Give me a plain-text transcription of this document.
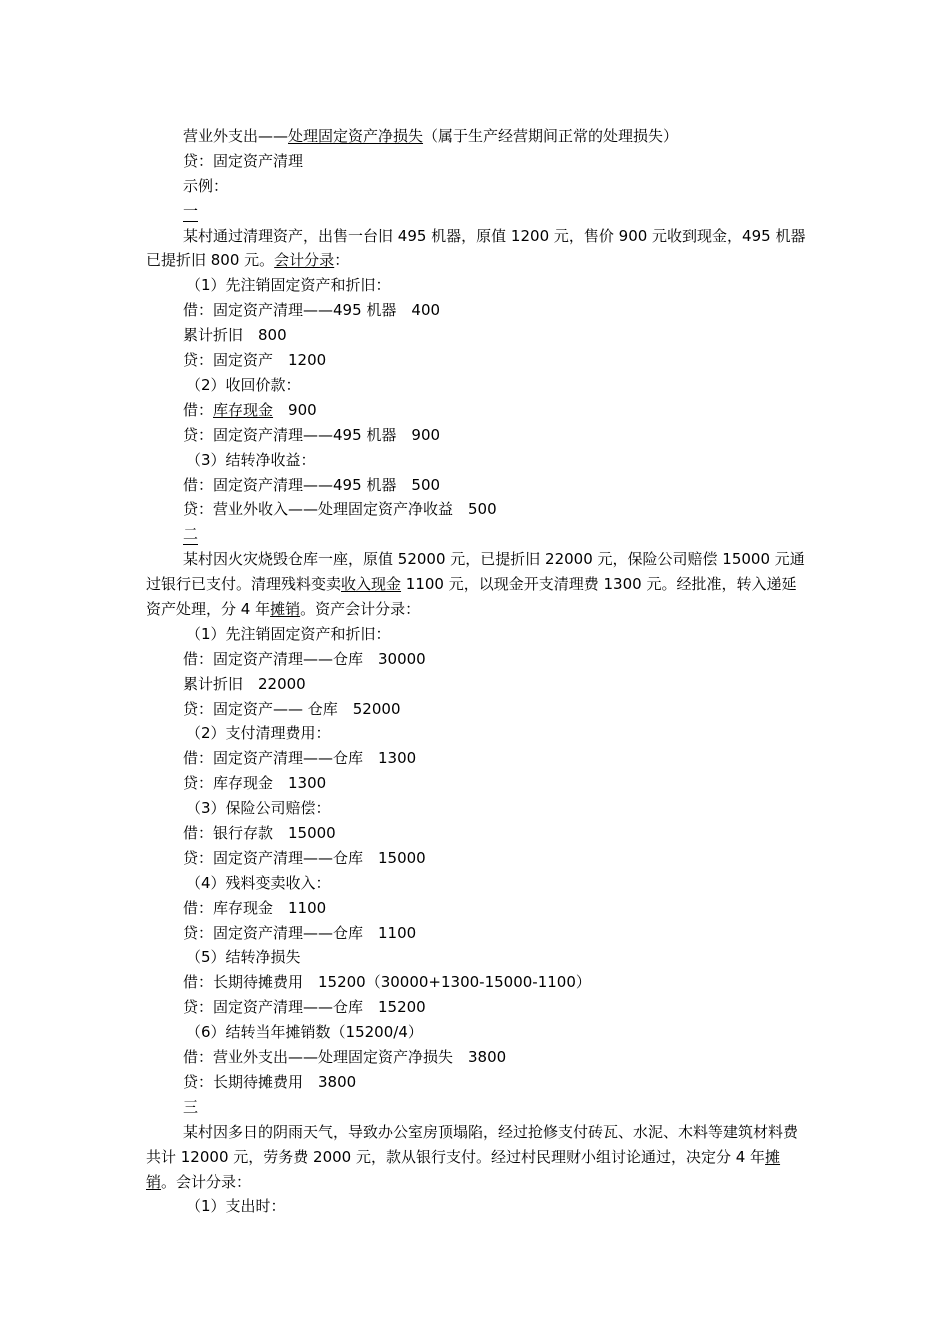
营业外支出——处理固定资产净损失（属于生产经营期间正常的处理损失）
贷：固定资产清理
示例：
一
某村通过清理资产，出售一台旧 495 机器，原值 1200 元，售价 900 元收到现金，495 机器已提折旧 800 元。会计分录：
（1）先注销固定资产和折旧：
借：固定资产清理——495 机器　400
累计折旧　800
贷：固定资产　1200
（2）收回价款：
借：库存现金　900
贷：固定资产清理——495 机器　900
（3）结转净收益：
借：固定资产清理——495 机器　500
贷：营业外收入——处理固定资产净收益　500
二
某村因火灾烧毁仓库一座，原值 52000 元，已提折旧 22000 元，保险公司赔偿 15000 元通过银行已支付。清理残料变卖收入现金 1100 元，以现金开支清理费 1300 元。经批准，转入递延资产处理，分 4 年摊销。资产会计分录：
（1）先注销固定资产和折旧：
借：固定资产清理——仓库　30000
累计折旧　22000
贷：固定资产—— 仓库　52000
（2）支付清理费用：
借：固定资产清理——仓库　1300
贷：库存现金　1300
（3）保险公司赔偿：
借：银行存款　15000
贷：固定资产清理——仓库　15000
（4）残料变卖收入：
借：库存现金　1100
贷：固定资产清理——仓库　1100
（5）结转净损失
借：长期待摊费用　15200（30000+1300-15000-1100）
贷：固定资产清理——仓库　15200
（6）结转当年摊销数（15200/4）
借：营业外支出——处理固定资产净损失　3800
贷：长期待摊费用　3800
三
某村因多日的阴雨天气，导致办公室房顶塌陷，经过抢修支付砖瓦、水泥、木料等建筑材料费共计 12000 元，劳务费 2000 元，款从银行支付。经过村民理财小组讨论通过，决定分 4 年摊销。会计分录：
（1）支出时：
